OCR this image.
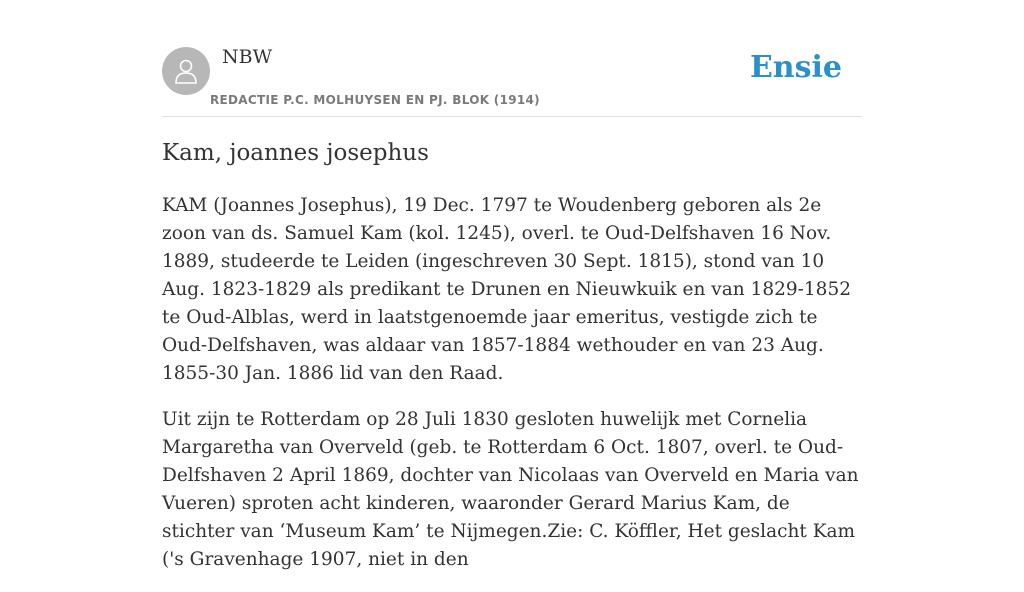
NBW
REDACTIE P.C. MOLHUYSEN EN PJ. BLOK (1914)
Ensie
Kam, joannes josephus

KAM (Joannes Josephus), 19 Dec. 1797 te Woudenberg geboren als 2e zoon van ds. Samuel Kam (kol. 1245), overl. te Oud-Delfshaven 16 Nov. 1889, studeerde te Leiden (ingeschreven 30 Sept. 1815), stond van 10 Aug. 1823-1829 als predikant te Drunen en Nieuwkuik en van 1829-1852 te Oud-Alblas, werd in laatstgenoemde jaar emeritus, vestigde zich te Oud-Delfshaven, was aldaar van 1857-1884 wethouder en van 23 Aug. 1855-30 Jan. 1886 lid van den Raad.

Uit zijn te Rotterdam op 28 Juli 1830 gesloten huwelijk met Cornelia Margaretha van Overveld (geb. te Rotterdam 6 Oct. 1807, overl. te Oud-Delfshaven 2 April 1869, dochter van Nicolaas van Overveld en Maria van Vueren) sproten acht kinderen, waaronder Gerard Marius Kam, de stichter van ‘Museum Kam’ te Nijmegen.Zie: C. Köffler, Het geslacht Kam ('s Gravenhage 1907, niet in den
